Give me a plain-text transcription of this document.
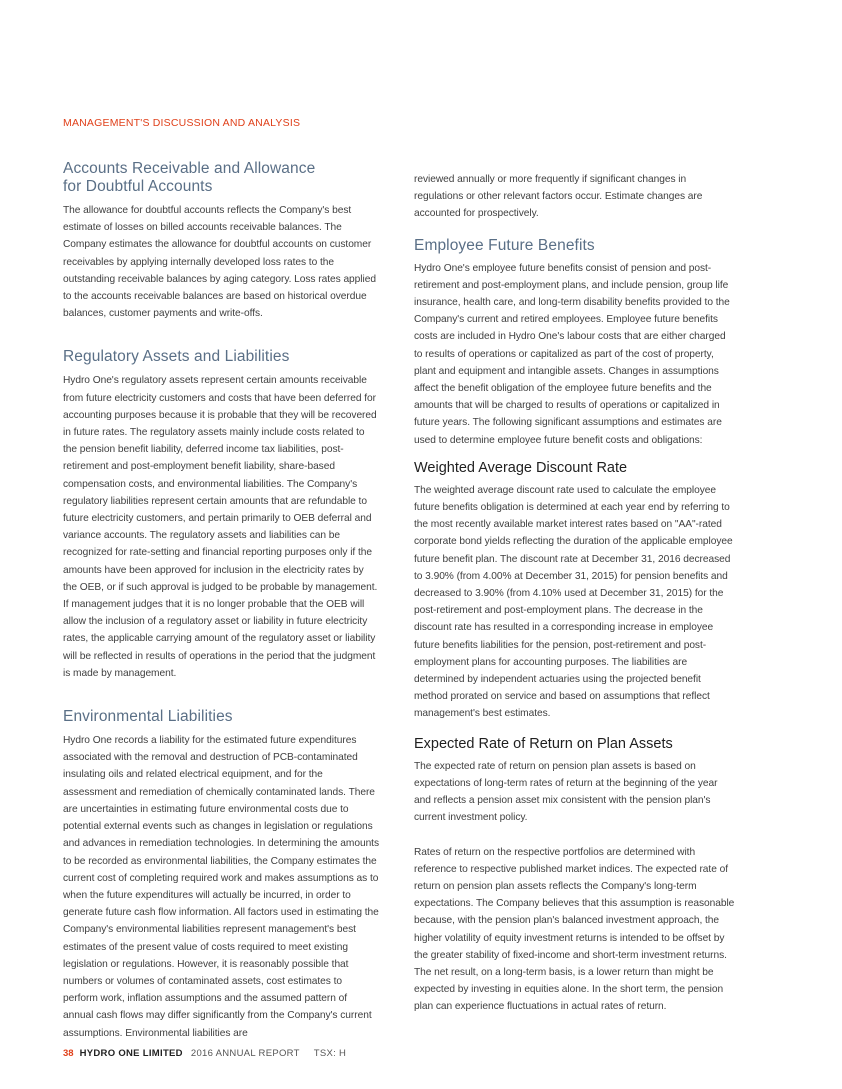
MANAGEMENT'S DISCUSSION AND ANALYSIS
Accounts Receivable and Allowance for Doubtful Accounts

The allowance for doubtful accounts reflects the Company's best estimate of losses on billed accounts receivable balances. The Company estimates the allowance for doubtful accounts on customer receivables by applying internally developed loss rates to the outstanding receivable balances by aging category. Loss rates applied to the accounts receivable balances are based on historical overdue balances, customer payments and write-offs.

Regulatory Assets and Liabilities

Hydro One's regulatory assets represent certain amounts receivable from future electricity customers and costs that have been deferred for accounting purposes because it is probable that they will be recovered in future rates. The regulatory assets mainly include costs related to the pension benefit liability, deferred income tax liabilities, post-retirement and post-employment benefit liability, share-based compensation costs, and environmental liabilities. The Company's regulatory liabilities represent certain amounts that are refundable to future electricity customers, and pertain primarily to OEB deferral and variance accounts. The regulatory assets and liabilities can be recognized for rate-setting and financial reporting purposes only if the amounts have been approved for inclusion in the electricity rates by the OEB, or if such approval is judged to be probable by management. If management judges that it is no longer probable that the OEB will allow the inclusion of a regulatory asset or liability in future electricity rates, the applicable carrying amount of the regulatory asset or liability will be reflected in results of operations in the period that the judgment is made by management.

Environmental Liabilities

Hydro One records a liability for the estimated future expenditures associated with the removal and destruction of PCB-contaminated insulating oils and related electrical equipment, and for the assessment and remediation of chemically contaminated lands. There are uncertainties in estimating future environmental costs due to potential external events such as changes in legislation or regulations and advances in remediation technologies. In determining the amounts to be recorded as environmental liabilities, the Company estimates the current cost of completing required work and makes assumptions as to when the future expenditures will actually be incurred, in order to generate future cash flow information. All factors used in estimating the Company's environmental liabilities represent management's best estimates of the present value of costs required to meet existing legislation or regulations. However, it is reasonably possible that numbers or volumes of contaminated assets, cost estimates to perform work, inflation assumptions and the assumed pattern of annual cash flows may differ significantly from the Company's current assumptions. Environmental liabilities are

reviewed annually or more frequently if significant changes in regulations or other relevant factors occur. Estimate changes are accounted for prospectively.

Employee Future Benefits

Hydro One's employee future benefits consist of pension and post-retirement and post-employment plans, and include pension, group life insurance, health care, and long-term disability benefits provided to the Company's current and retired employees. Employee future benefits costs are included in Hydro One's labour costs that are either charged to results of operations or capitalized as part of the cost of property, plant and equipment and intangible assets. Changes in assumptions affect the benefit obligation of the employee future benefits and the amounts that will be charged to results of operations or capitalized in future years. The following significant assumptions and estimates are used to determine employee future benefit costs and obligations:

Weighted Average Discount Rate

The weighted average discount rate used to calculate the employee future benefits obligation is determined at each year end by referring to the most recently available market interest rates based on "AA"-rated corporate bond yields reflecting the duration of the applicable employee future benefit plan. The discount rate at December 31, 2016 decreased to 3.90% (from 4.00% at December 31, 2015) for pension benefits and decreased to 3.90% (from 4.10% used at December 31, 2015) for the post-retirement and post-employment plans. The decrease in the discount rate has resulted in a corresponding increase in employee future benefits liabilities for the pension, post-retirement and post-employment plans for accounting purposes. The liabilities are determined by independent actuaries using the projected benefit method prorated on service and based on assumptions that reflect management's best estimates.

Expected Rate of Return on Plan Assets

The expected rate of return on pension plan assets is based on expectations of long-term rates of return at the beginning of the year and reflects a pension asset mix consistent with the pension plan's current investment policy.

Rates of return on the respective portfolios are determined with reference to respective published market indices. The expected rate of return on pension plan assets reflects the Company's long-term expectations. The Company believes that this assumption is reasonable because, with the pension plan's balanced investment approach, the higher volatility of equity investment returns is intended to be offset by the greater stability of fixed-income and short-term investment returns. The net result, on a long-term basis, is a lower return than might be expected by investing in equities alone. In the short term, the pension plan can experience fluctuations in actual rates of return.

38 HYDRO ONE LIMITED 2016 ANNUAL REPORT TSX: H
